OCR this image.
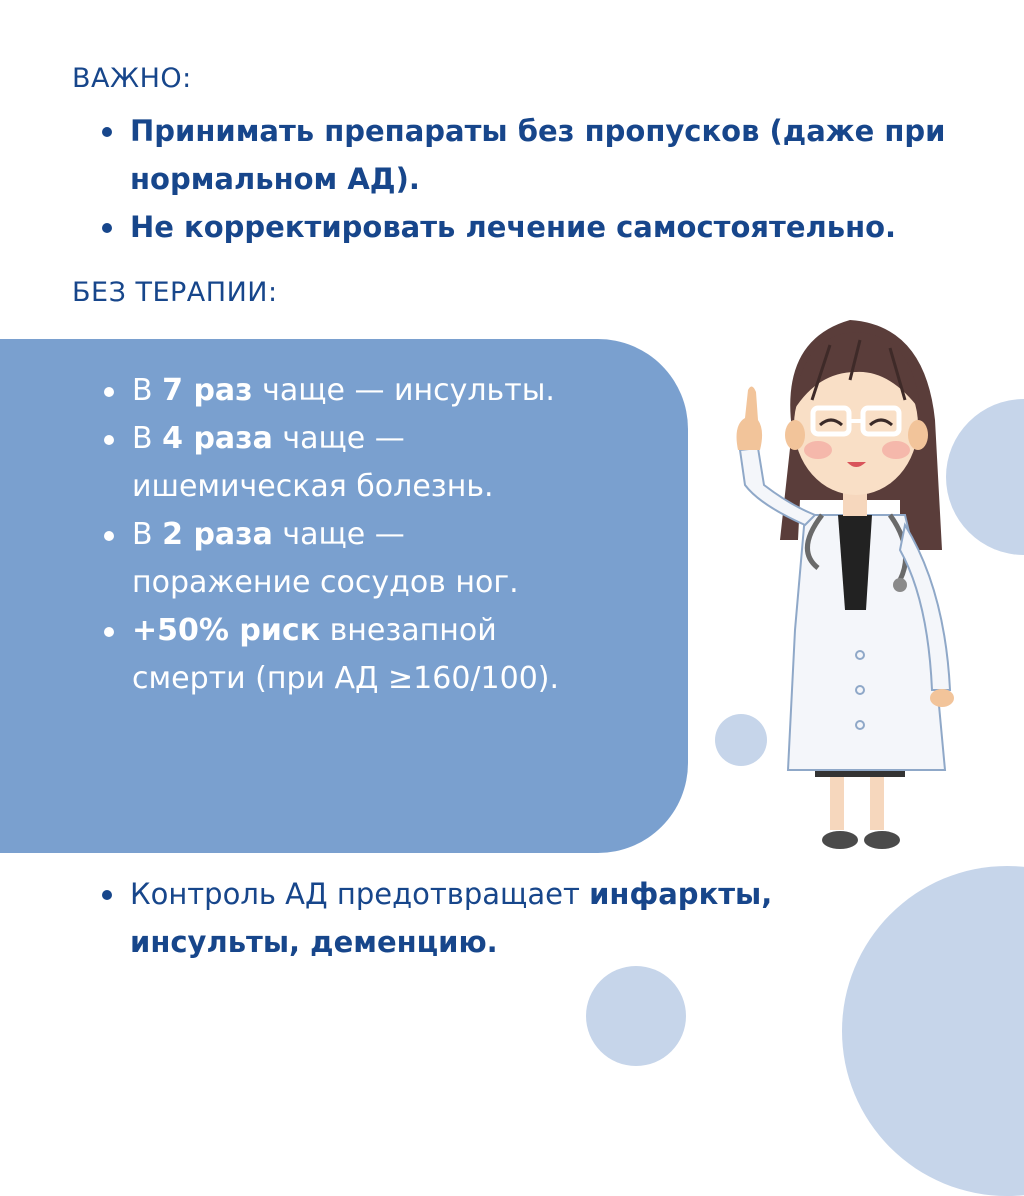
ВАЖНО:
Принимать препараты без пропусков (даже при нормальном АД).
Не корректировать лечение самостоятельно.
БЕЗ ТЕРАПИИ:
В 7 раз чаще — инсульты.
В 4 раза чаще — ишемическая болезнь.
В 2 раза чаще — поражение сосудов ног.
+50% риск внезапной смерти (при АД ≥160/100).
Контроль АД предотвращает инфаркты, инсульты, деменцию.
